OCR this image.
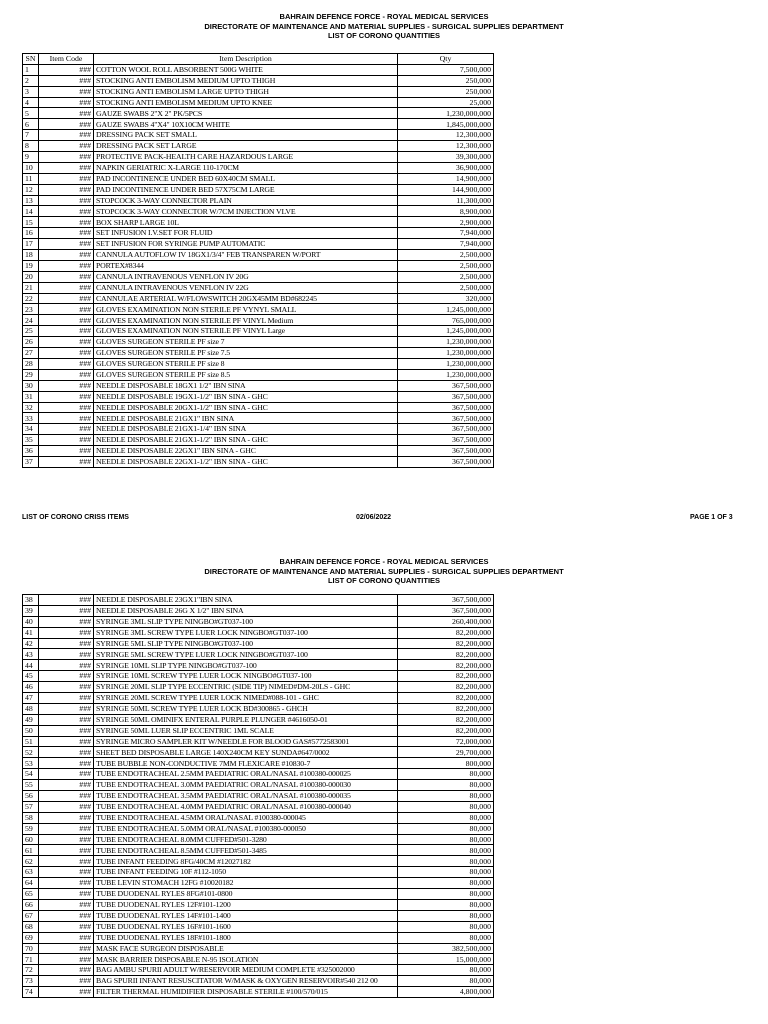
BAHRAIN DEFENCE FORCE - ROYAL MEDICAL SERVICES
DIRECTORATE OF MAINTENANCE AND MATERIAL SUPPLIES - SURGICAL SUPPLIES DEPARTMENT
LIST OF CORONO QUANTITIES
SN	Item Code	Item Description	Qty
1	###	COTTON WOOL ROLL ABSORBENT 500G WHITE	7,500,000
2	###	STOCKING ANTI EMBOLISM MEDIUM UPTO THIGH	250,000
3	###	STOCKING ANTI EMBOLISM LARGE UPTO THIGH	250,000
4	###	STOCKING ANTI EMBOLISM MEDIUM UPTO KNEE	25,000
5	###	GAUZE SWABS 2"X 2" PK/5PCS	1,230,000,000
6	###	GAUZE SWABS 4"X4" 10X10CM WHITE	1,845,000,000
7	###	DRESSING PACK SET SMALL	12,300,000
8	###	DRESSING PACK SET LARGE	12,300,000
9	###	PROTECTIVE PACK-HEALTH CARE HAZARDOUS LARGE	39,300,000
10	###	NAPKIN GERIATRIC X-LARGE 110-170CM	36,900,000
11	###	PAD INCONTINENCE UNDER BED 60X40CM SMALL	14,900,000
12	###	PAD INCONTINENCE UNDER BED 57X75CM LARGE	144,900,000
13	###	STOPCOCK 3-WAY CONNECTOR PLAIN	11,300,000
14	###	STOPCOCK 3-WAY CONNECTOR W/7CM INJECTION VLVE	8,900,000
15	###	BOX SHARP LARGE 10L	2,900,000
16	###	SET INFUSION I.V.SET FOR FLUID	7,940,000
17	###	SET INFUSION FOR SYRINGE PUMP AUTOMATIC	7,940,000
18	###	CANNULA AUTOFLOW IV 18GX1/3/4" FEB TRANSPAREN W/PORT	2,500,000
19	###	PORTEX#8344	2,500,000
20	###	CANNULA INTRAVENOUS VENFLON IV 20G	2,500,000
21	###	CANNULA INTRAVENOUS VENFLON IV 22G	2,500,000
22	###	CANNULAE ARTERIAL W/FLOWSWITCH 20GX45MM BD#682245	320,000
23	###	GLOVES EXAMINATION NON STERILE PF VYNYL SMALL	1,245,000,000
24	###	GLOVES EXAMINATION NON STERILE PF VINYL Medium	765,000,000
25	###	GLOVES EXAMINATION NON STERILE PF VINYL Large	1,245,000,000
26	###	GLOVES SURGEON STERILE PF size 7	1,230,000,000
27	###	GLOVES SURGEON STERILE PF size 7.5	1,230,000,000
28	###	GLOVES SURGEON STERILE PF size 8	1,230,000,000
29	###	GLOVES SURGEON STERILE PF size 8.5	1,230,000,000
30	###	NEEDLE DISPOSABLE 18GX1 1/2" IBN SINA	367,500,000
31	###	NEEDLE DISPOSABLE 19GX1-1/2" IBN SINA - GHC	367,500,000
32	###	NEEDLE DISPOSABLE 20GX1-1/2" IBN SINA - GHC	367,500,000
33	###	NEEDLE DISPOSABLE 21GX1" IBN SINA	367,500,000
34	###	NEEDLE DISPOSABLE 21GX1-1/4" IBN SINA	367,500,000
35	###	NEEDLE DISPOSABLE 21GX1-1/2" IBN SINA - GHC	367,500,000
36	###	NEEDLE DISPOSABLE 22GX1" IBN SINA - GHC	367,500,000
37	###	NEEDLE DISPOSABLE 22GX1-1/2" IBN SINA - GHC	367,500,000
LIST OF CORONO CRISS ITEMS	02/06/2022	PAGE 1 OF 3
BAHRAIN DEFENCE FORCE - ROYAL MEDICAL SERVICES
DIRECTORATE OF MAINTENANCE AND MATERIAL SUPPLIES - SURGICAL SUPPLIES DEPARTMENT
LIST OF CORONO QUANTITIES
38	###	NEEDLE DISPOSABLE 23GX1"IBN SINA	367,500,000
39	###	NEEDLE DISPOSABLE 26G X 1/2" IBN SINA	367,500,000
40	###	SYRINGE 3ML SLIP TYPE NINGBO#GT037-100	260,400,000
41	###	SYRINGE 3ML SCREW TYPE LUER LOCK NINGBO#GT037-100	82,200,000
42	###	SYRINGE 5ML SLIP TYPE NINGBO#GT037-100	82,200,000
43	###	SYRINGE 5ML SCREW TYPE LUER LOCK NINGBO#GT037-100	82,200,000
44	###	SYRINGE 10ML SLIP TYPE NINGBO#GT037-100	82,200,000
45	###	SYRINGE 10ML SCREW TYPE LUER LOCK NINGBO#GT037-100	82,200,000
46	###	SYRINGE 20ML SLIP TYPE ECCENTRIC (SIDE TIP) NIMED#DM-20LS - GHC	82,200,000
47	###	SYRINGE 20ML SCREW TYPE LUER LOCK NIMED#088-101 - GHC	82,200,000
48	###	SYRINGE 50ML SCREW TYPE LUER LOCK BD#300865 - GHCH	82,200,000
49	###	SYRINGE 50ML OMINIFX ENTERAL PURPLE PLUNGER #4616050-01	82,200,000
50	###	SYRINGE 50ML LUER SLIP ECCENTRIC 1ML SCALE	82,200,000
51	###	SYRINGE MICRO SAMPLER KIT W/NEEDLE FOR BLOOD GAS#5772583001	72,000,000
52	###	SHEET BED DISPOSABLE LARGE 140X240CM KEY SUNDA#647/0002	29,700,000
53	###	TUBE BUBBLE NON-CONDUCTIVE 7MM FLEXICARE #10830-7	800,000
54	###	TUBE ENDOTRACHEAL 2.5MM PAEDIATRIC ORAL/NASAL #100380-000025	80,000
55	###	TUBE ENDOTRACHEAL 3.0MM PAEDIATRIC ORAL/NASAL #100380-000030	80,000
56	###	TUBE ENDOTRACHEAL 3.5MM PAEDIATRIC ORAL/NASAL #100380-000035	80,000
57	###	TUBE ENDOTRACHEAL 4.0MM PAEDIATRIC ORAL/NASAL #100380-000040	80,000
58	###	TUBE ENDOTRACHEAL 4.5MM ORAL/NASAL #100380-000045	80,000
59	###	TUBE ENDOTRACHEAL 5.0MM ORAL/NASAL #100380-000050	80,000
60	###	TUBE ENDOTRACHEAL 8.0MM CUFFED#501-3280	80,000
61	###	TUBE ENDOTRACHEAL 8.5MM CUFFED#501-3485	80,000
62	###	TUBE INFANT FEEDING 8FG/40CM #12027182	80,000
63	###	TUBE INFANT FEEDING 10F #112-1050	80,000
64	###	TUBE LEVIN STOMACH 12FG #10020182	80,000
65	###	TUBE DUODENAL RYLES 8FG#101-0800	80,000
66	###	TUBE DUODENAL RYLES 12F#101-1200	80,000
67	###	TUBE DUODENAL RYLES 14F#101-1400	80,000
68	###	TUBE DUODENAL RYLES 16F#101-1600	80,000
69	###	TUBE DUODENAL RYLES 18F#101-1800	80,000
70	###	MASK FACE SURGEON DISPOSABLE	382,500,000
71	###	MASK BARRIER DISPOSABLE N-95 ISOLATION	15,000,000
72	###	BAG AMBU SPURII ADULT W/RESERVOIR MEDIUM COMPLETE #325002000	80,000
73	###	BAG SPURII INFANT RESUSCITATOR W/MASK & OXYGEN RESERVOIR#540 212 00	80,000
74	###	FILTER THERMAL HUMIDIFIER DISPOSABLE STERILE #100/570/015	4,800,000
